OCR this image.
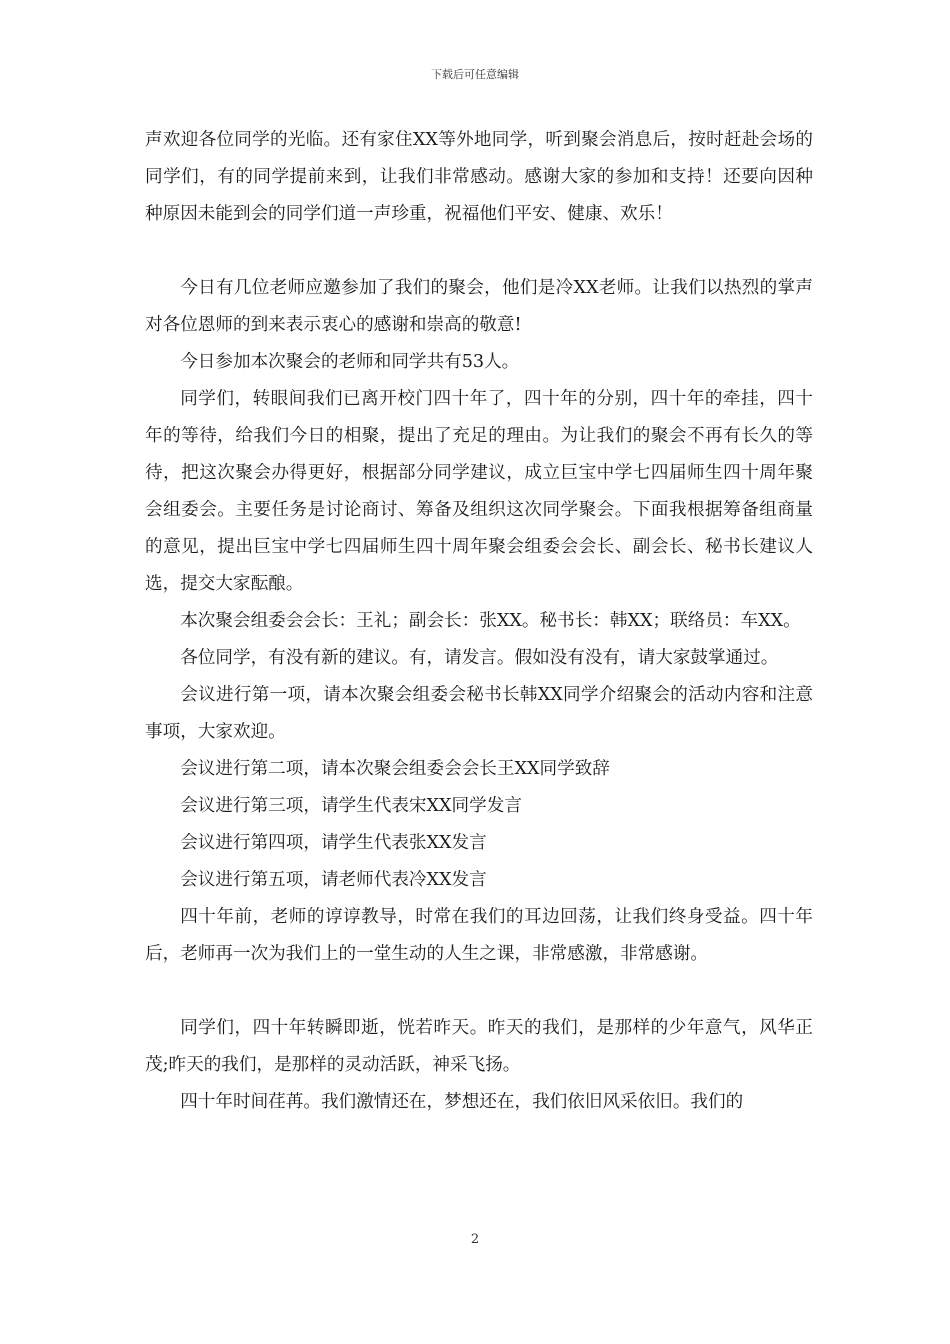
下载后可任意编辑

声欢迎各位同学的光临。还有家住XX等外地同学，听到聚会消息后，按时赶赴会场的同学们，有的同学提前来到，让我们非常感动。感谢大家的参加和支持！还要向因种种原因未能到会的同学们道一声珍重，祝福他们平安、健康、欢乐！

今日有几位老师应邀参加了我们的聚会，他们是冷XX老师。让我们以热烈的掌声对各位恩师的到来表示衷心的感谢和崇高的敬意!

今日参加本次聚会的老师和同学共有53人。

同学们，转眼间我们已离开校门四十年了，四十年的分别，四十年的牵挂，四十年的等待，给我们今日的相聚，提出了充足的理由。为让我们的聚会不再有长久的等待，把这次聚会办得更好，根据部分同学建议，成立巨宝中学七四届师生四十周年聚会组委会。主要任务是讨论商讨、筹备及组织这次同学聚会。下面我根据筹备组商量的意见，提出巨宝中学七四届师生四十周年聚会组委会会长、副会长、秘书长建议人选，提交大家酝酿。

本次聚会组委会会长：王礼；副会长：张XX。秘书长：韩XX；联络员：车XX。

各位同学，有没有新的建议。有，请发言。假如没有没有，请大家鼓掌通过。

会议进行第一项，请本次聚会组委会秘书长韩XX同学介绍聚会的活动内容和注意事项，大家欢迎。

会议进行第二项，请本次聚会组委会会长王XX同学致辞

会议进行第三项，请学生代表宋XX同学发言

会议进行第四项，请学生代表张XX发言

会议进行第五项，请老师代表冷XX发言

四十年前，老师的谆谆教导，时常在我们的耳边回荡，让我们终身受益。四十年后，老师再一次为我们上的一堂生动的人生之课，非常感激，非常感谢。

同学们，四十年转瞬即逝，恍若昨天。昨天的我们，是那样的少年意气，风华正茂;昨天的我们，是那样的灵动活跃，神采飞扬。

四十年时间荏苒。我们激情还在，梦想还在，我们依旧风采依旧。我们的

2
